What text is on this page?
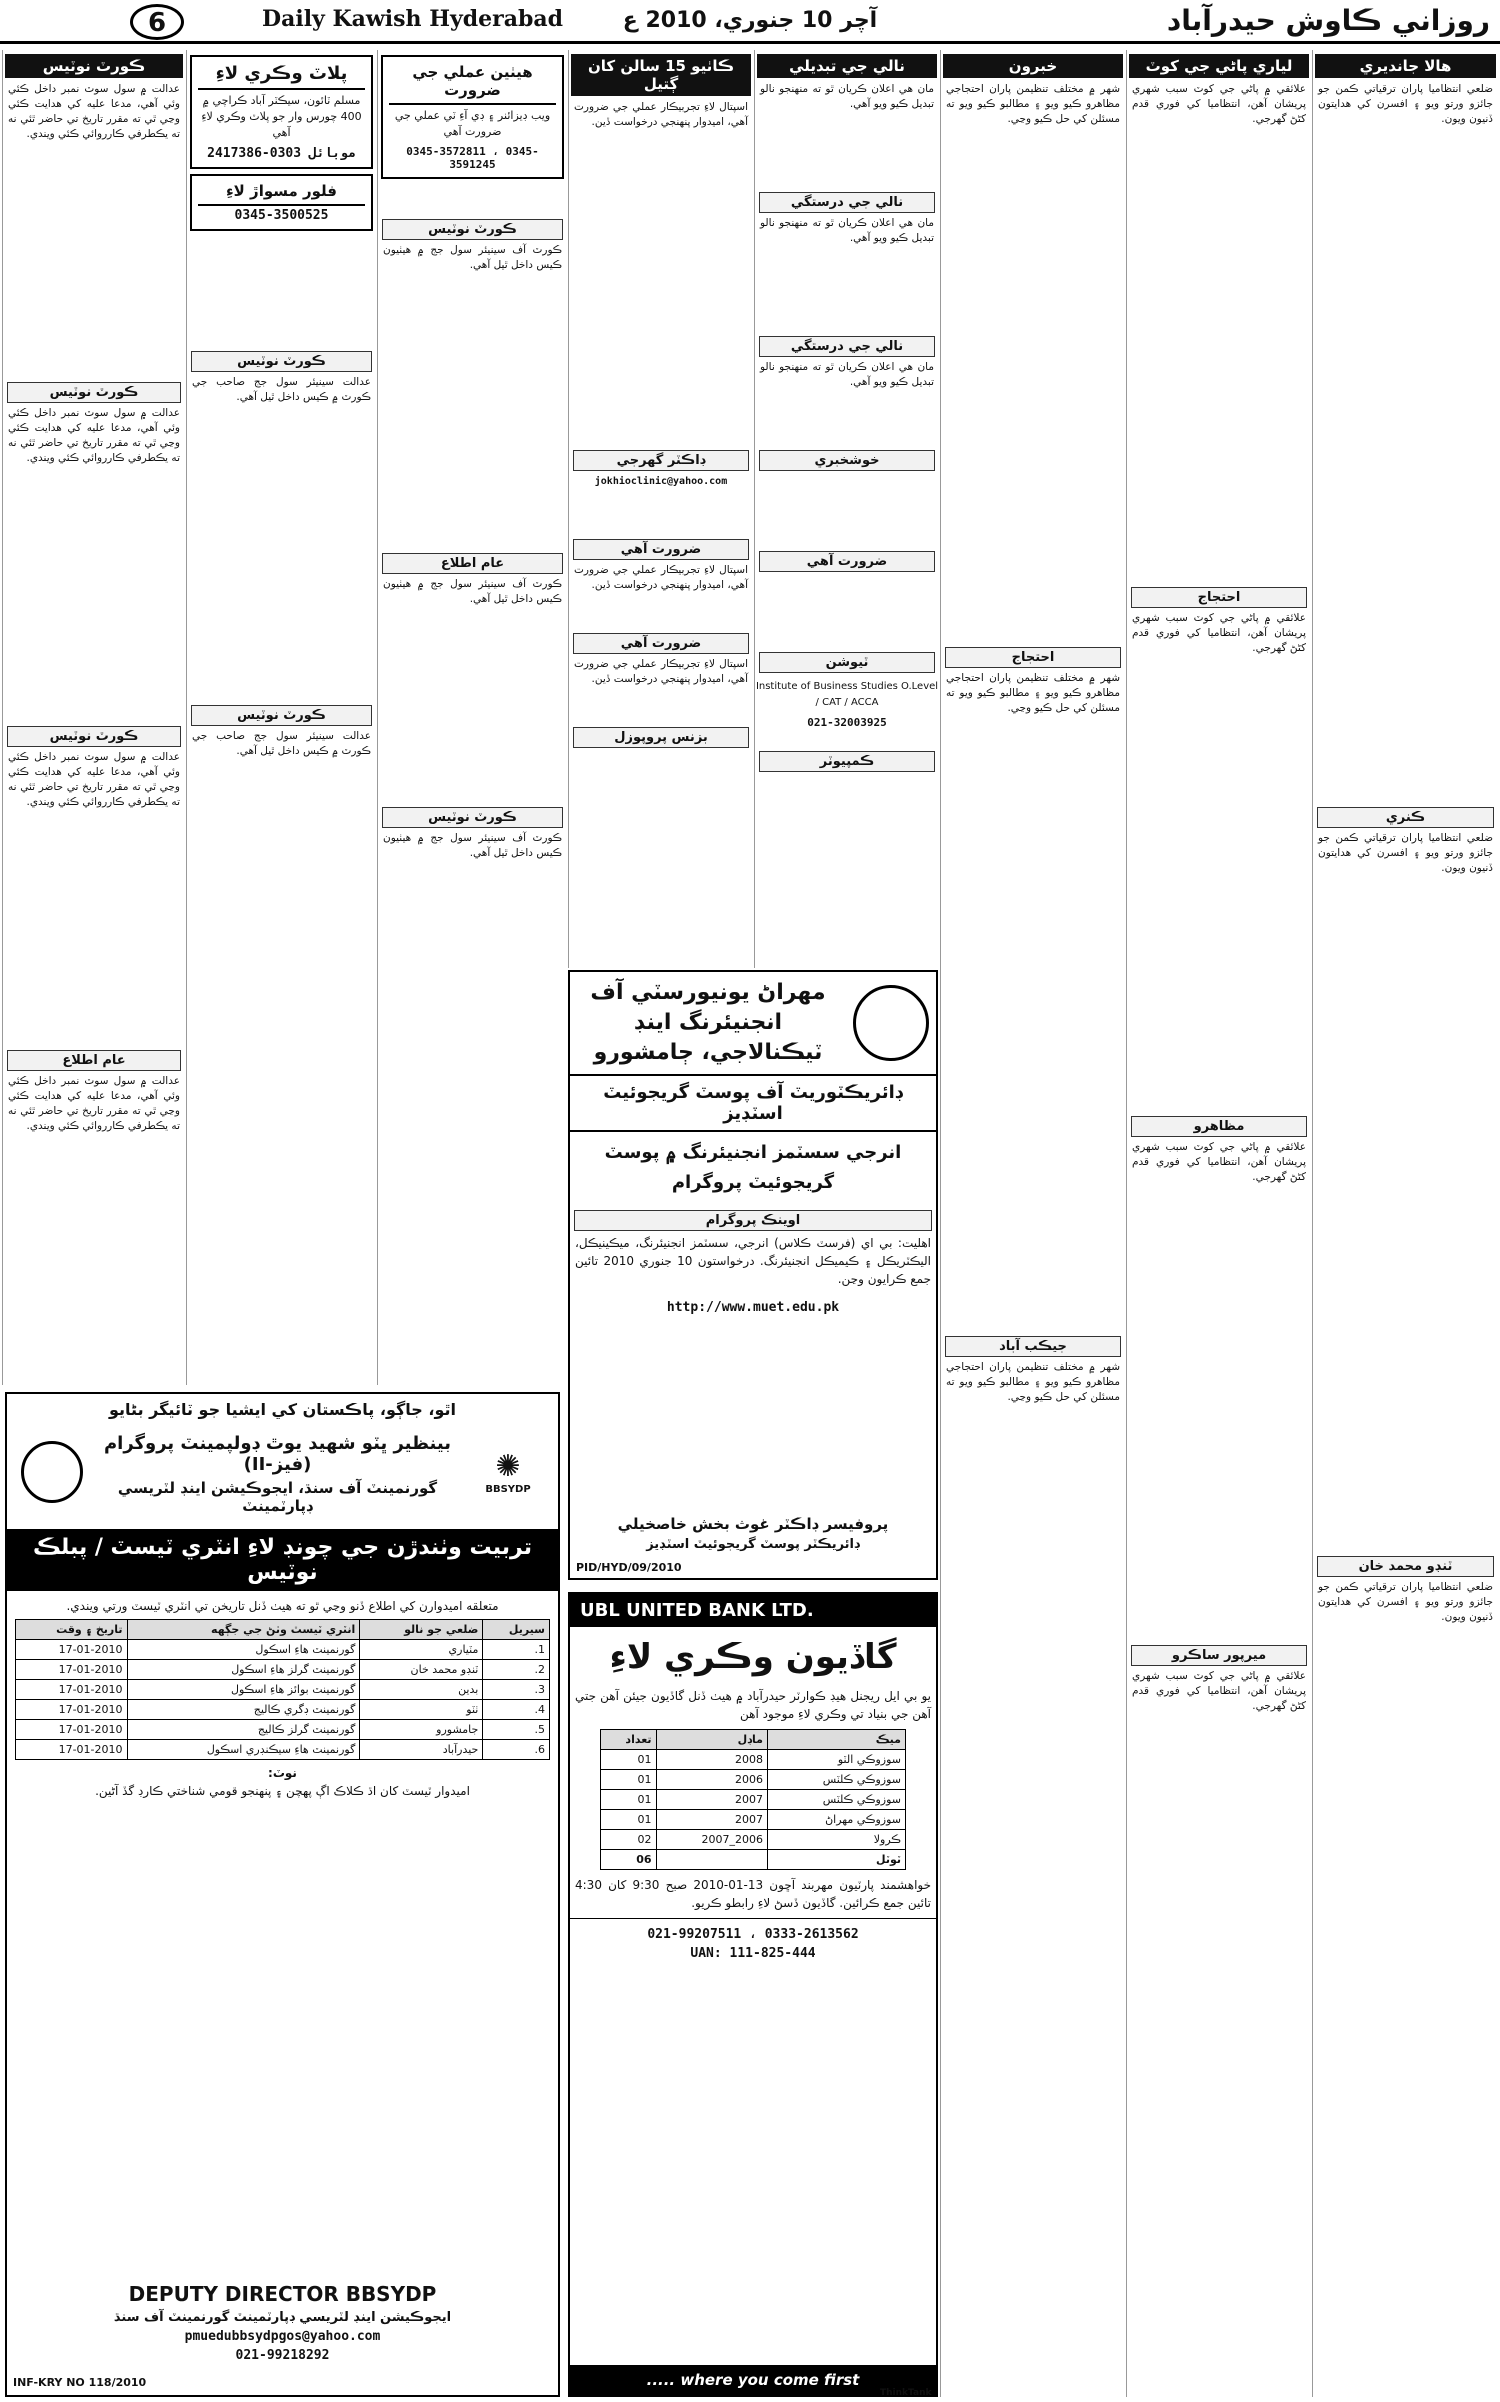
6	Daily Kawish Hyderabad	آچر 10 جنوري، 2010 ع	روزاني ڪاوش حيدرآباد
ڪورٽ نوٽيس
عدالت ۾ سول سوٽ نمبر داخل ڪئي وئي آهي، مدعا عليه کي هدايت ڪئي وڃي ٿي ته مقرر تاريخ تي حاضر ٿئي نه ته يڪطرفي ڪارروائي ڪئي ويندي.
ڪورٽ نوٽيس
عدالت ۾ سول سوٽ نمبر داخل ڪئي وئي آهي، مدعا عليه کي هدايت ڪئي وڃي ٿي ته مقرر تاريخ تي حاضر ٿئي نه ته يڪطرفي ڪارروائي ڪئي ويندي.
ڪورٽ نوٽيس
عدالت ۾ سول سوٽ نمبر داخل ڪئي وئي آهي، مدعا عليه کي هدايت ڪئي وڃي ٿي ته مقرر تاريخ تي حاضر ٿئي نه ته يڪطرفي ڪارروائي ڪئي ويندي.
عام اطلاع
عدالت ۾ سول سوٽ نمبر داخل ڪئي وئي آهي، مدعا عليه کي هدايت ڪئي وڃي ٿي ته مقرر تاريخ تي حاضر ٿئي نه ته يڪطرفي ڪارروائي ڪئي ويندي.
پلاٽ وڪري لاءِ
مسلم ٽائون، سيڪٽر آباد ڪراچي ۾ 400 چورس وار جو پلاٽ وڪري لاءِ آهي
موبائل 0303-2417386
فلور مسواڙ لاءِ
0345-3500525
ڪورٽ نوٽيس
عدالت سينيئر سول جج صاحب جي ڪورٽ ۾ ڪيس داخل ٿيل آهي.
ڪورٽ نوٽيس
عدالت سينيئر سول جج صاحب جي ڪورٽ ۾ ڪيس داخل ٿيل آهي.
هيٺين عملي جي ضرورت
ويب ڊيزائنر ۽ ڊي آءِ ٽي عملي جي ضرورت آهي
0345-3572811 ، 0345-3591245
ڪورٽ نوٽيس
ڪورٽ آف سينيئر سول جج ۾ هيٺيون ڪيس داخل ٿيل آهي.
عام اطلاع
ڪورٽ آف سينيئر سول جج ۾ هيٺيون ڪيس داخل ٿيل آهي.
ڪورٽ نوٽيس
ڪورٽ آف سينيئر سول جج ۾ هيٺيون ڪيس داخل ٿيل آهي.
ڪاٺيو 15 سالن کان ڳتيل
اسپتال لاءِ تجربيڪار عملي جي ضرورت آهي، اميدوار پنهنجي درخواست ڏين.
ڊاڪٽر گهرجي
jokhioclinic@yahoo.com
ضرورت آهي
اسپتال لاءِ تجربيڪار عملي جي ضرورت آهي، اميدوار پنهنجي درخواست ڏين.
ضرورت آهي
اسپتال لاءِ تجربيڪار عملي جي ضرورت آهي، اميدوار پنهنجي درخواست ڏين.
بزنس پروپوزل
نالي جي تبديلي
مان هي اعلان ڪريان ٿو ته منهنجو نالو تبديل ڪيو ويو آهي.
نالي جي درستگي
مان هي اعلان ڪريان ٿو ته منهنجو نالو تبديل ڪيو ويو آهي.
نالي جي درستگي
مان هي اعلان ڪريان ٿو ته منهنجو نالو تبديل ڪيو ويو آهي.
خوشخبري
ضرورت آهي
ٽيوشن
Institute of Business Studies O.Level / CAT / ACCA
021-32003925
ڪمپيوٽر
خبرون
شهر ۾ مختلف تنظيمن پاران احتجاجي مظاهرو ڪيو ويو ۽ مطالبو ڪيو ويو ته مسئلن کي حل ڪيو وڃي.
احتجاج
شهر ۾ مختلف تنظيمن پاران احتجاجي مظاهرو ڪيو ويو ۽ مطالبو ڪيو ويو ته مسئلن کي حل ڪيو وڃي.
جيڪب آباد
شهر ۾ مختلف تنظيمن پاران احتجاجي مظاهرو ڪيو ويو ۽ مطالبو ڪيو ويو ته مسئلن کي حل ڪيو وڃي.
لياري پاڻي جي کوٽ
علائقي ۾ پاڻي جي کوٽ سبب شهري پريشان آهن، انتظاميا کي فوري قدم کڻڻ گهرجي.
احتجاج
علائقي ۾ پاڻي جي کوٽ سبب شهري پريشان آهن، انتظاميا کي فوري قدم کڻڻ گهرجي.
مظاهرو
علائقي ۾ پاڻي جي کوٽ سبب شهري پريشان آهن، انتظاميا کي فوري قدم کڻڻ گهرجي.
ميرپور ساڪرو
علائقي ۾ پاڻي جي کوٽ سبب شهري پريشان آهن، انتظاميا کي فوري قدم کڻڻ گهرجي.
هالا جانديري
ضلعي انتظاميا پاران ترقياتي ڪمن جو جائزو ورتو ويو ۽ افسرن کي هدايتون ڏنيون ويون.
ڪنري
ضلعي انتظاميا پاران ترقياتي ڪمن جو جائزو ورتو ويو ۽ افسرن کي هدايتون ڏنيون ويون.
ٽنڊو محمد خان
ضلعي انتظاميا پاران ترقياتي ڪمن جو جائزو ورتو ويو ۽ افسرن کي هدايتون ڏنيون ويون.
اٿو، جاڳو، پاڪستان کي ايشيا جو ٽائيگر بڻايو
بينظير ڀٽو شهيد يوٿ ڊولپمينٽ پروگرام (فيز-II)
گورنمينٽ آف سنڌ، ايجوڪيشن اينڊ لٽريسي ڊپارٽمينٽ
✺
BBSYDP
تربيت وٺندڙن جي چونڊ لاءِ انٽري ٽيسٽ / پبلڪ نوٽيس
متعلقه اميدوارن کي اطلاع ڏنو وڃي ٿو ته هيٺ ڏنل تاريخن تي انٽري ٽيسٽ ورتي ويندي.
سيريل	ضلعي جو نالو	انٽري ٽيسٽ وٺڻ جي جڳهه	تاريخ ۽ وقت
1.	مٽياري	گورنمينٽ هاءِ اسڪول	17-01-2010
2.	ٽنڊو محمد خان	گورنمينٽ گرلز هاءِ اسڪول	17-01-2010
3.	بدين	گورنمينٽ بوائز هاءِ اسڪول	17-01-2010
4.	ٺٽو	گورنمينٽ ڊگري ڪاليج	17-01-2010
5.	جامشورو	گورنمينٽ گرلز ڪاليج	17-01-2010
6.	حيدرآباد	گورنمينٽ هاءِ سيڪنڊري اسڪول	17-01-2010
نوٽ:
اميدوار ٽيسٽ کان اڌ ڪلاڪ اڳ پهچن ۽ پنهنجو قومي شناختي ڪارڊ گڏ آڻين.
DEPUTY DIRECTOR BBSYDP
ايجوڪيشن اينڊ لٽريسي ڊپارٽمينٽ گورنمينٽ آف سنڌ
pmuedubbsydpgos@yahoo.com
021-99218292
INF-KRY NO 118/2010
مهراڻ يونيورسٽي آف انجنيئرنگ اينڊ ٽيڪنالاجي، ڄامشورو
ڊائريڪٽوريٽ آف پوسٽ گريجوئيٽ اسٽڊيز
انرجي سسٽمز انجنيئرنگ ۾ پوسٽ گريجوئيٽ پروگرام
اوينڪ پروگرام
اهليت: بي اي (فرسٽ ڪلاس) انرجي، سسٽمز انجنيئرنگ، ميڪينيڪل، اليڪٽريڪل ۽ ڪيميڪل انجنيئرنگ. درخواستون 10 جنوري 2010 تائين جمع ڪرايون وڃن.
http://www.muet.edu.pk
پروفيسر ڊاڪٽر غوث بخش خاصخيلي
ڊائريڪٽر پوسٽ گريجوئيٽ اسٽڊيز
PID/HYD/09/2010
UBL UNITED BANK LTD.
گاڏيون وڪري لاءِ
يو بي ايل ريجنل هيڊ ڪوارٽر حيدرآباد ۾ هيٺ ڏنل گاڏيون جيئن آهن جتي آهن جي بنياد تي وڪري لاءِ موجود آهن
ميڪ	ماڊل	تعداد
سوزوڪي الٽو	2008	01
سوزوڪي ڪلٽس	2006	01
سوزوڪي ڪلٽس	2007	01
سوزوڪي مهراڻ	2007	01
ڪرولا	2006_2007	02
ٽوٽل		06
خواهشمند پارٽيون مهربند آڇون 13-01-2010 صبح 9:30 کان 4:30 تائين جمع ڪرائين. گاڏيون ڏسڻ لاءِ رابطو ڪريو.
021-99207511 ، 0333-2613562
UAN: 111-825-444
..... where you come first
ThinkTank
